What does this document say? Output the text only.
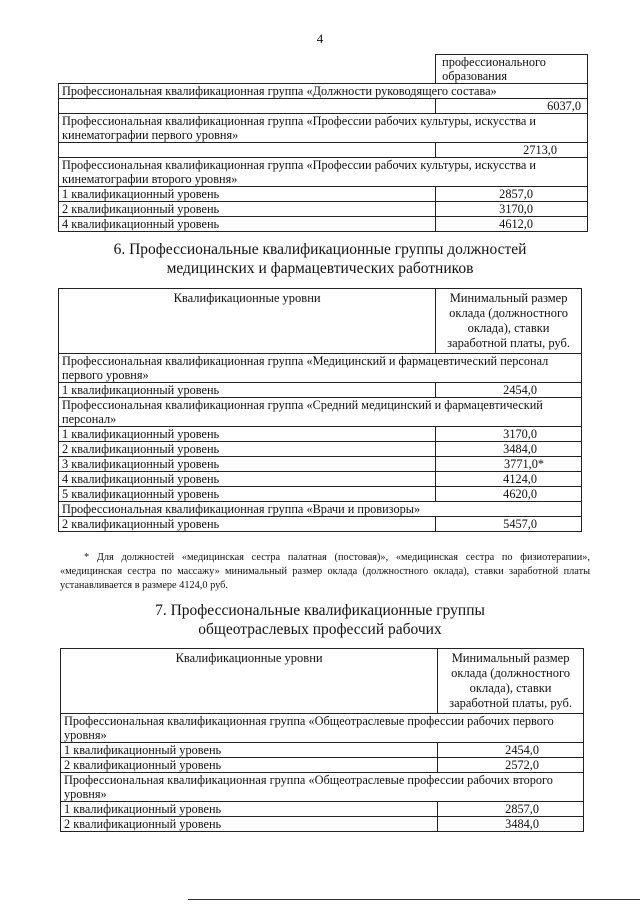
4
	профессионального образования
Профессиональная квалификационная группа «Должности руководящего состава»	
	6037,0
Профессиональная квалификационная группа «Профессии рабочих культуры, искусства и кинематографии первого уровня»	
	2713,0
Профессиональная квалификационная группа «Профессии рабочих культуры, искусства и кинематографии второго уровня»	
1 квалификационный уровень	2857,0
2 квалификационный уровень	3170,0
4 квалификационный уровень	4612,0
6. Профессиональные квалификационные группы должностей
медицинских и фармацевтических работников
Квалификационные уровни	Минимальный размер оклада (должностного оклада), ставки заработной платы, руб.
Профессиональная квалификационная группа «Медицинский и фармацевтический персонал первого уровня»	
1 квалификационный уровень	2454,0
Профессиональная квалификационная группа «Средний медицинский и фармацевтический персонал»	
1 квалификационный уровень	3170,0
2 квалификационный уровень	3484,0
3 квалификационный уровень	3771,0*
4 квалификационный уровень	4124,0
5 квалификационный уровень	4620,0
Профессиональная квалификационная группа «Врачи и провизоры»	
2 квалификационный уровень	5457,0
* Для должностей «медицинская сестра палатная (постовая)», «медицинская сестра по физиотерапии», «медицинская сестра по массажу» минимальный размер оклада (должностного оклада), ставки заработной платы устанавливается в размере 4124,0 руб.
7. Профессиональные квалификационные группы
общеотраслевых профессий рабочих
Квалификационные уровни	Минимальный размер оклада (должностного оклада), ставки заработной платы, руб.
Профессиональная квалификационная группа «Общеотраслевые профессии рабочих первого уровня»	
1 квалификационный уровень	2454,0
2 квалификационный уровень	2572,0
Профессиональная квалификационная группа «Общеотраслевые профессии рабочих второго уровня»	
1 квалификационный уровень	2857,0
2 квалификационный уровень	3484,0
